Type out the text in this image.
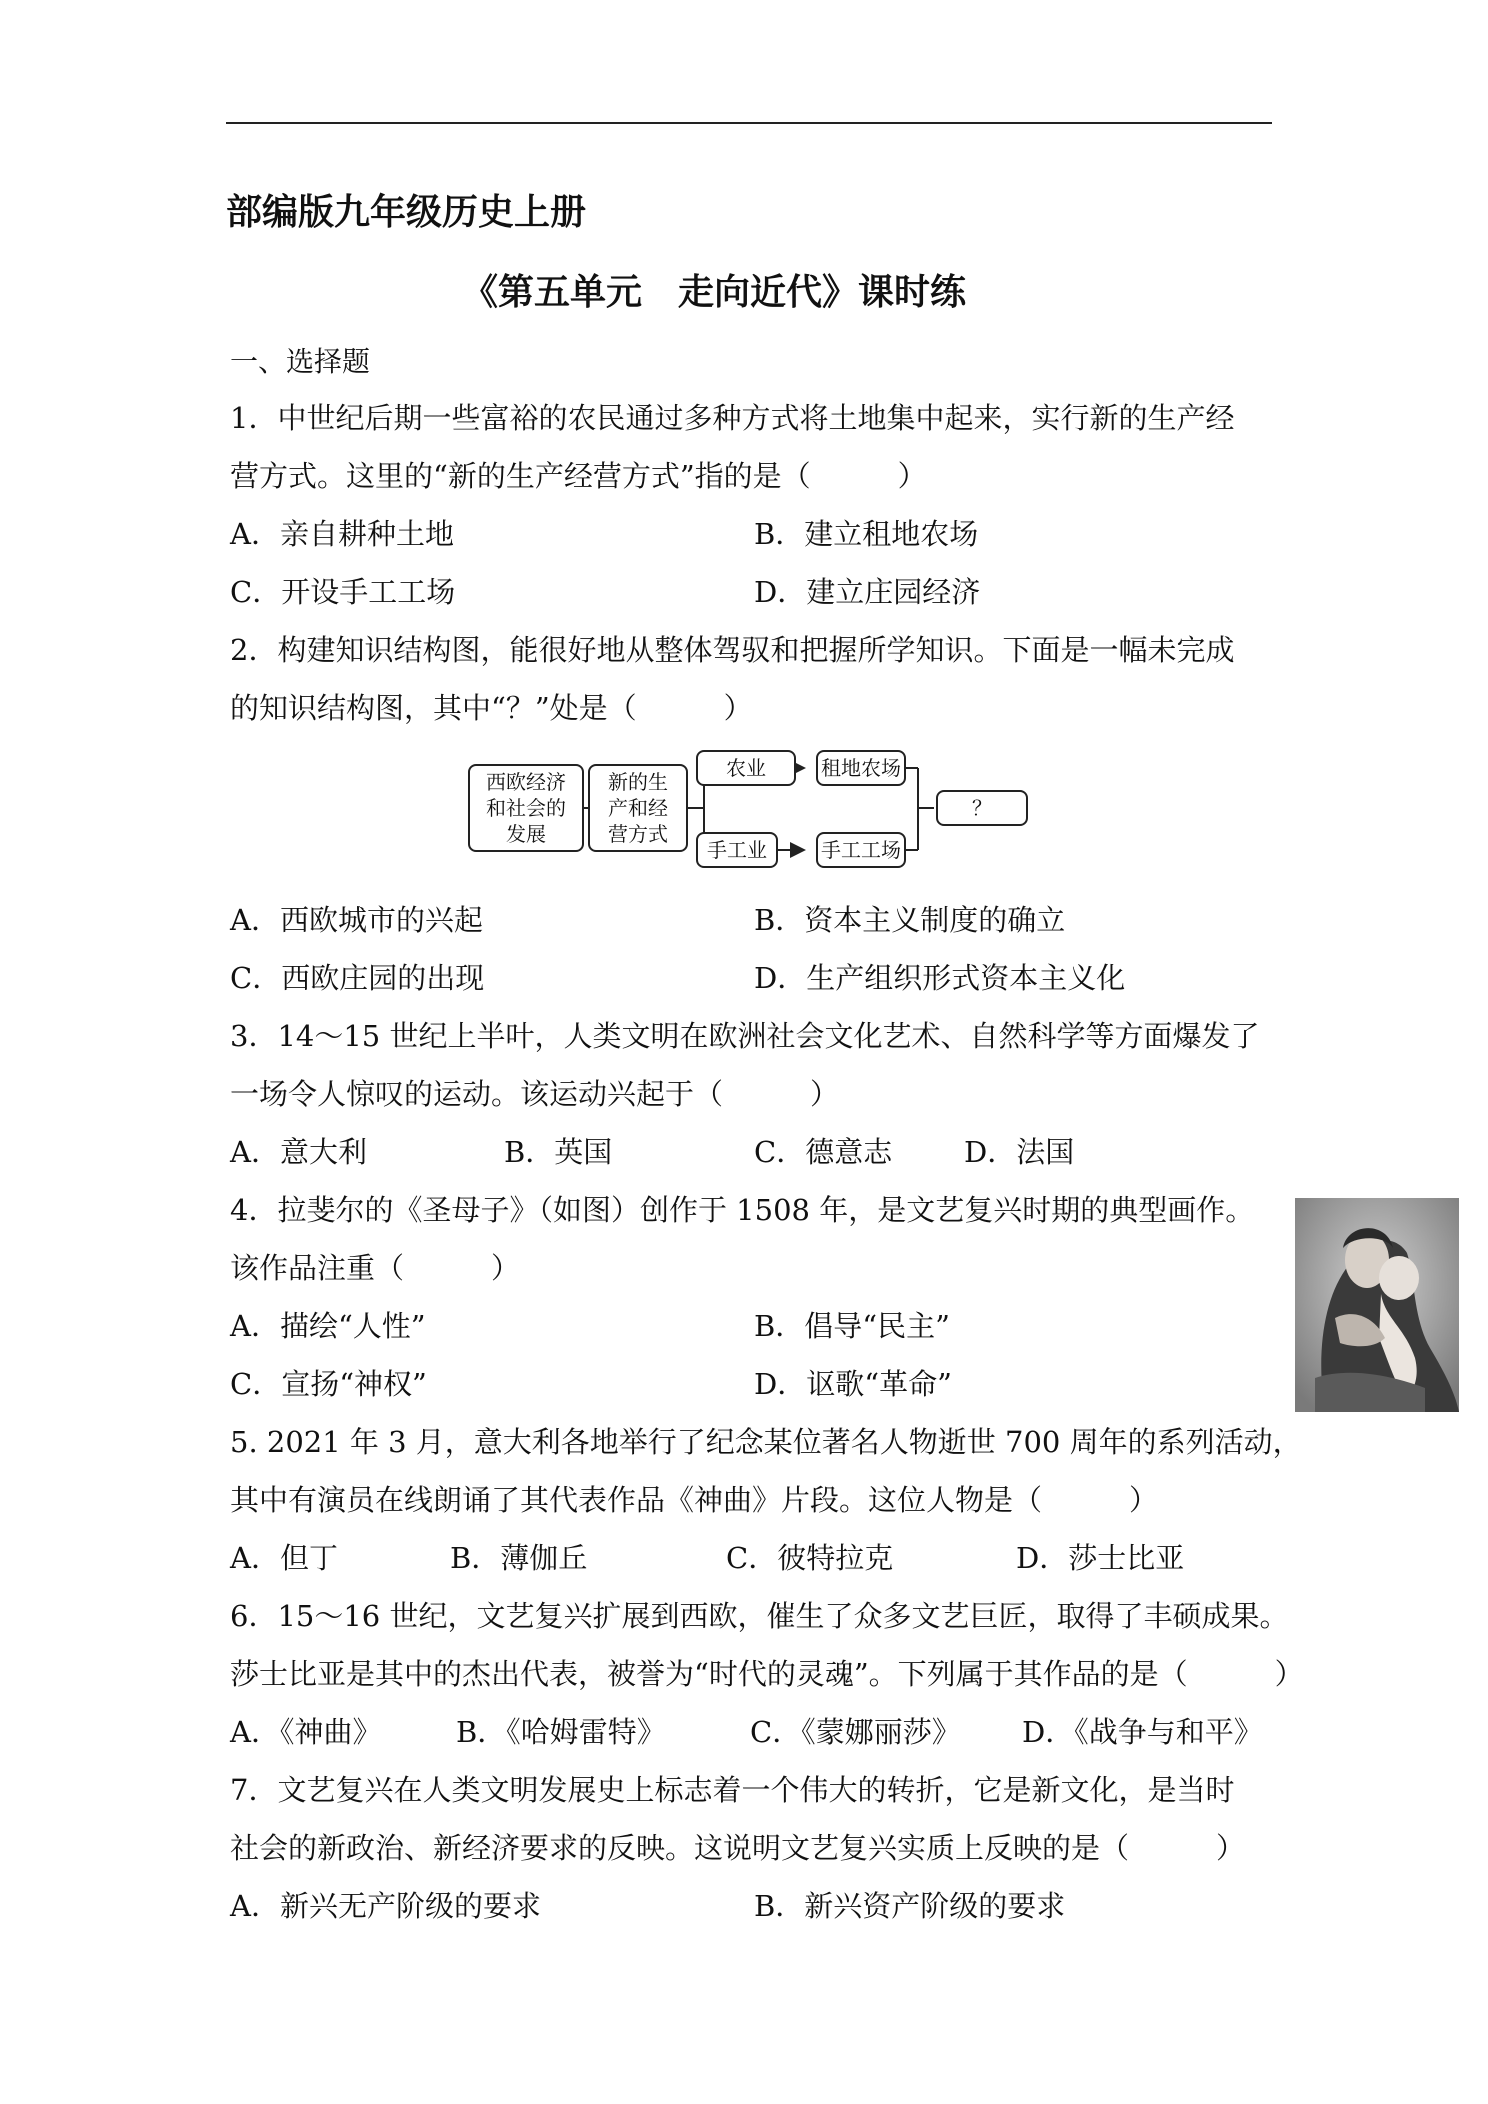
部编版九年级历史上册
《第五单元　走向近代》课时练
一、选择题
1．中世纪后期一些富裕的农民通过多种方式将土地集中起来，实行新的生产经
营方式。这里的“新的生产经营方式”指的是（　　　）
A．亲自耕种土地	B．建立租地农场
C．开设手工工场	D．建立庄园经济
2．构建知识结构图，能很好地从整体驾驭和把握所学知识。下面是一幅未完成
的知识结构图，其中“？”处是（　　　）
西欧经济
和社会的
发展
新的生
产和经
营方式
农业	租地农场
手工业	手工工场
？
A．西欧城市的兴起	B．资本主义制度的确立
C．西欧庄园的出现	D．生产组织形式资本主义化
3．14～15 世纪上半叶，人类文明在欧洲社会文化艺术、自然科学等方面爆发了
一场令人惊叹的运动。该运动兴起于（　　　）
A．意大利	B．英国	C．德意志 D．法国
4．拉斐尔的《圣母子》（如图）创作于 1508 年，是文艺复兴时期的典型画作。
该作品注重（　　　）
A．描绘“人性”	B．倡导“民主”
C．宣扬“神权”	D．讴歌“革命”
5. 2021 年 3 月，意大利各地举行了纪念某位著名人物逝世 700 周年的系列活动，
其中有演员在线朗诵了其代表作品《神曲》片段。这位人物是（　　　）
A．但丁	B．薄伽丘	C．彼特拉克	D．莎士比亚
6．15～16 世纪，文艺复兴扩展到西欧，催生了众多文艺巨匠，取得了丰硕成果。
莎士比亚是其中的杰出代表，被誉为“时代的灵魂”。下列属于其作品的是（　　　）
A．《神曲》	B．《哈姆雷特》	C．《蒙娜丽莎》 D．《战争与和平》
7．文艺复兴在人类文明发展史上标志着一个伟大的转折，它是新文化，是当时
社会的新政治、新经济要求的反映。这说明文艺复兴实质上反映的是（　　　）
A．新兴无产阶级的要求	B．新兴资产阶级的要求
